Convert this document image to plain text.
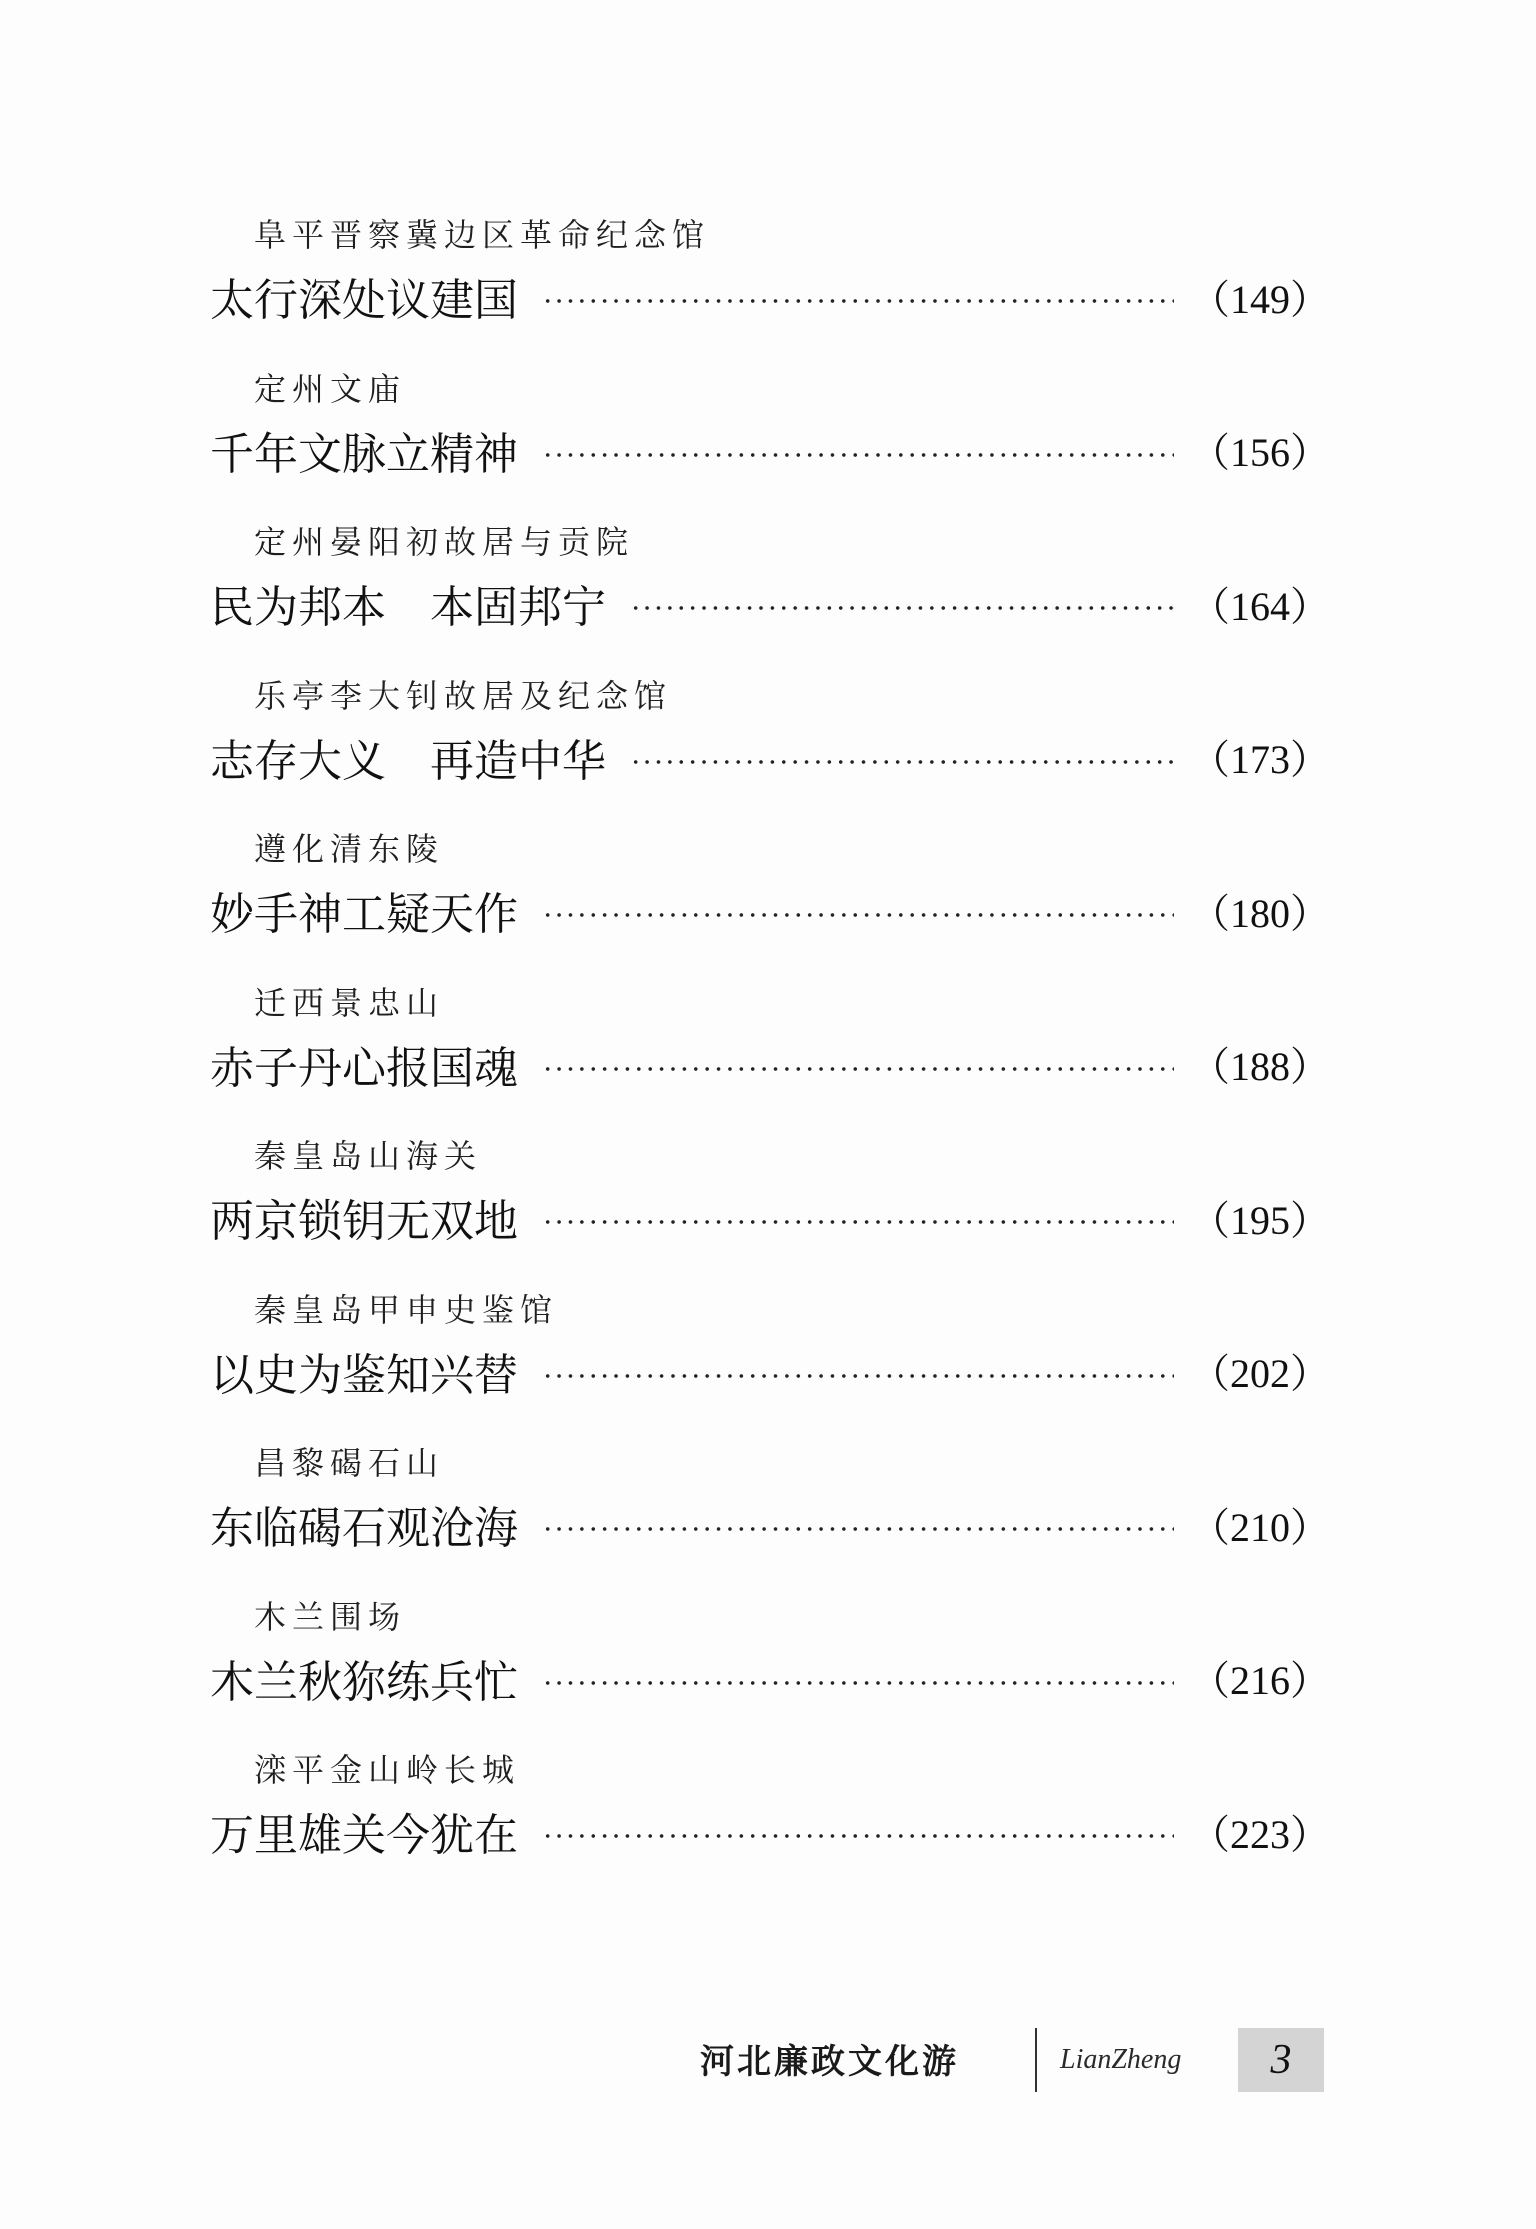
阜平晋察冀边区革命纪念馆
太行深处议建国	（149）
定州文庙
千年文脉立精神	（156）
定州晏阳初故居与贡院
民为邦本　本固邦宁	（164）
乐亭李大钊故居及纪念馆
志存大义　再造中华	（173）
遵化清东陵
妙手神工疑天作	（180）
迁西景忠山
赤子丹心报国魂	（188）
秦皇岛山海关
两京锁钥无双地	（195）
秦皇岛甲申史鉴馆
以史为鉴知兴替	（202）
昌黎碣石山
东临碣石观沧海	（210）
木兰围场
木兰秋狝练兵忙	（216）
滦平金山岭长城
万里雄关今犹在	（223）
河北廉政文化游	LianZheng 3
